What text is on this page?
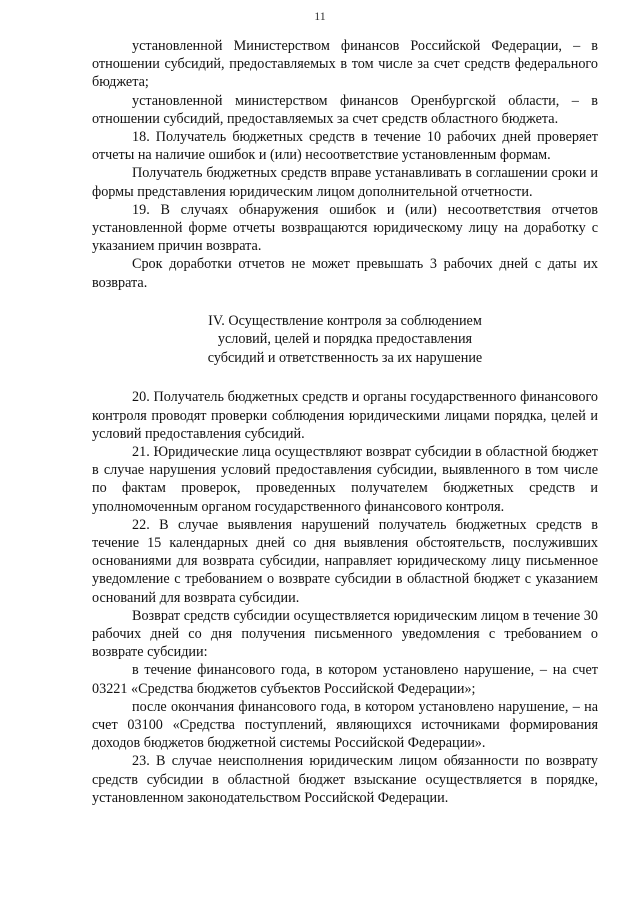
11

установленной Министерством финансов Российской Федерации, – в отношении субсидий, предоставляемых в том числе за счет средств федерального бюджета;

установленной министерством финансов Оренбургской области, – в отношении субсидий, предоставляемых за счет средств областного бюджета.

18. Получатель бюджетных средств в течение 10 рабочих дней проверяет отчеты на наличие ошибок и (или) несоответствие установленным формам.

Получатель бюджетных средств вправе устанавливать в соглашении сроки и формы представления юридическим лицом дополнительной отчетности.

19. В случаях обнаружения ошибок и (или) несоответствия отчетов установленной форме отчеты возвращаются юридическому лицу на доработку с указанием причин возврата.

Срок доработки отчетов не может превышать 3 рабочих дней с даты их возврата.

IV. Осуществление контроля за соблюдением
условий, целей и порядка предоставления
субсидий и ответственность за их нарушение

20. Получатель бюджетных средств и органы государственного финансового контроля проводят проверки соблюдения юридическими лицами порядка, целей и условий предоставления субсидий.

21. Юридические лица осуществляют возврат субсидии в областной бюджет в случае нарушения условий предоставления субсидии, выявленного в том числе по фактам проверок, проведенных получателем бюджетных средств и уполномоченным органом государственного финансового контроля.

22. В случае выявления нарушений получатель бюджетных средств в течение 15 календарных дней со дня выявления обстоятельств, послуживших основаниями для возврата субсидии, направляет юридическому лицу письменное уведомление с требованием о возврате субсидии в областной бюджет с указанием оснований для возврата субсидии.

Возврат средств субсидии осуществляется юридическим лицом в течение 30 рабочих дней со дня получения письменного уведомления с требованием о возврате субсидии:

в течение финансового года, в котором установлено нарушение, – на счет 03221 «Средства бюджетов субъектов Российской Федерации»;

после окончания финансового года, в котором установлено нарушение, – на счет 03100 «Средства поступлений, являющихся источниками формирования доходов бюджетов бюджетной системы Российской Федерации».

23. В случае неисполнения юридическим лицом обязанности по возврату средств субсидии в областной бюджет взыскание осуществляется в порядке, установленном законодательством Российской Федерации.
